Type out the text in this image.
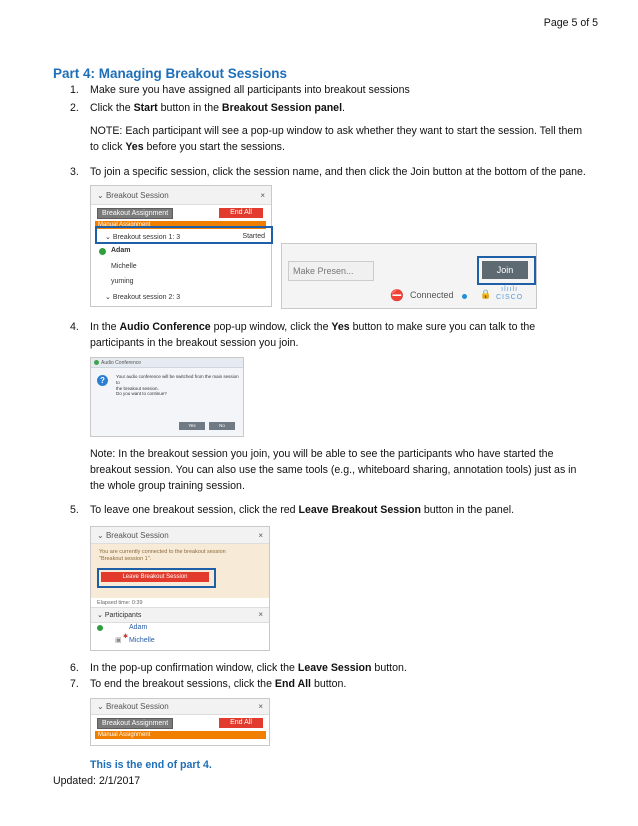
Page 5 of 5
Part 4: Managing Breakout Sessions
1. Make sure you have assigned all participants into breakout sessions
2. Click the Start button in the Breakout Session panel.
NOTE: Each participant will see a pop-up window to ask whether they want to start the session. Tell them
to click Yes before you start the sessions.
3. To join a specific session, click the session name, and then click the Join button at the bottom of the pane.
⌄ Breakout Session	×
Breakout Assignment	End All
Manual Assignment
⌄ Breakout session 1: 3	Started
Adam
Michelle
yuming
⌄ Breakout session 2: 3
Make Presen...	Join
⛔ Connected	🔒	ılıılı
CISCO
4. In the Audio Conference pop-up window, click the Yes button to make sure you can talk to the
participants in the breakout session you join.
Audio Conference
?	Your audio conference will be switched from the main session to
the breakout session.
Do you want to continue?
Yes	No
Note: In the breakout session you join, you will be able to see the participants who have started the
breakout session. You can also use the same tools (e.g., whiteboard sharing, annotation tools) just as in
the whole group training session.
5. To leave one breakout session, click the red Leave Breakout Session button in the panel.
⌄ Breakout Session	×
You are currently connected to the breakout session
"Breakout session 1".
Leave Breakout Session
Elapsed time: 0:39
⌄ Participants	×
Adam
▣ ✱ Michelle
6. In the pop-up confirmation window, click the Leave Session button.
7. To end the breakout sessions, click the End All button.
⌄ Breakout Session	×
Breakout Assignment	End All
Manual Assignment
This is the end of part 4.
Updated: 2/1/2017
